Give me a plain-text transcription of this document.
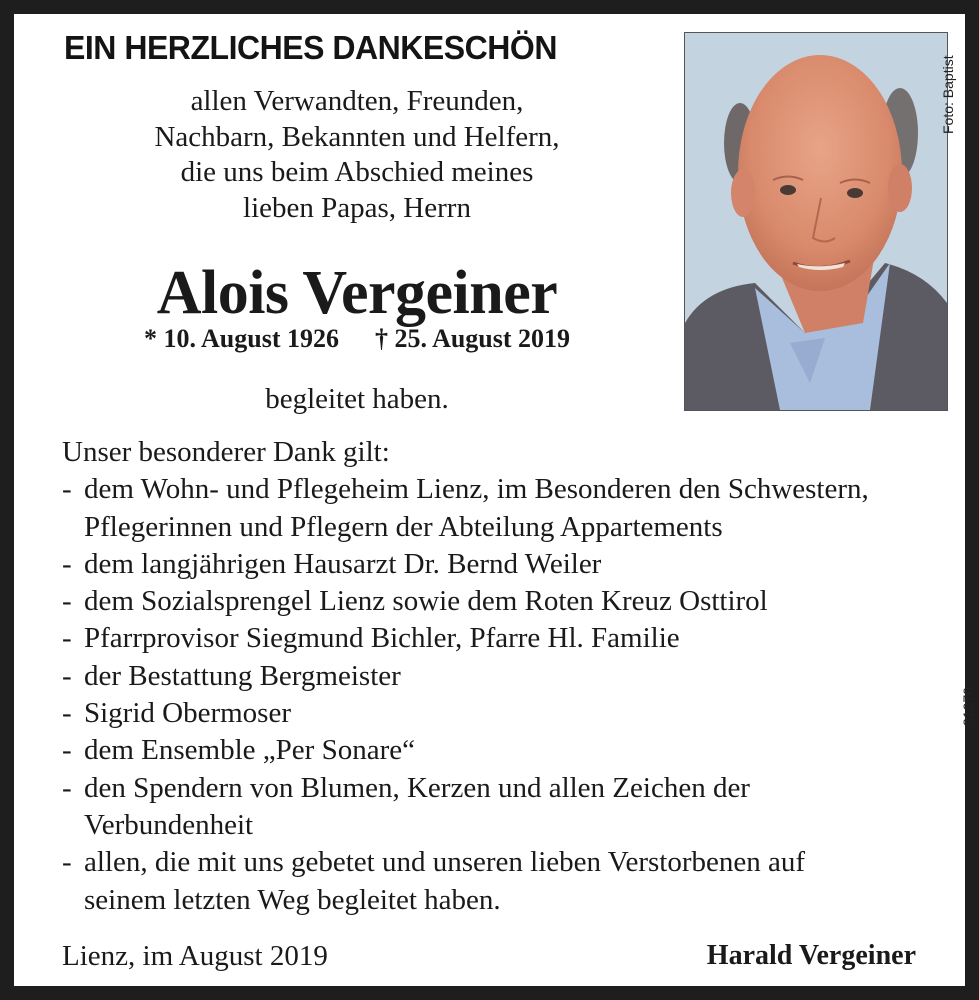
EIN HERZLICHES DANKESCHÖN
allen Verwandten, Freunden,
Nachbarn, Bekannten und Helfern,
die uns beim Abschied meines
lieben Papas, Herrn
Alois Vergeiner
* 10. August 1926 † 25. August 2019
begleitet haben.
Foto: Baptist
81270
Unser besonderer Dank gilt:
- dem Wohn- und Pflegeheim Lienz, im Besonderen den Schwestern,
Pflegerinnen und Pflegern der Abteilung Appartements
- dem langjährigen Hausarzt Dr. Bernd Weiler
- dem Sozialsprengel Lienz sowie dem Roten Kreuz Osttirol
- Pfarrprovisor Siegmund Bichler, Pfarre Hl. Familie
- der Bestattung Bergmeister
- Sigrid Obermoser
- dem Ensemble „Per Sonare“
- den Spendern von Blumen, Kerzen und allen Zeichen der
Verbundenheit
- allen, die mit uns gebetet und unseren lieben Verstorbenen auf
seinem letzten Weg begleitet haben.
Lienz, im August 2019	Harald Vergeiner
